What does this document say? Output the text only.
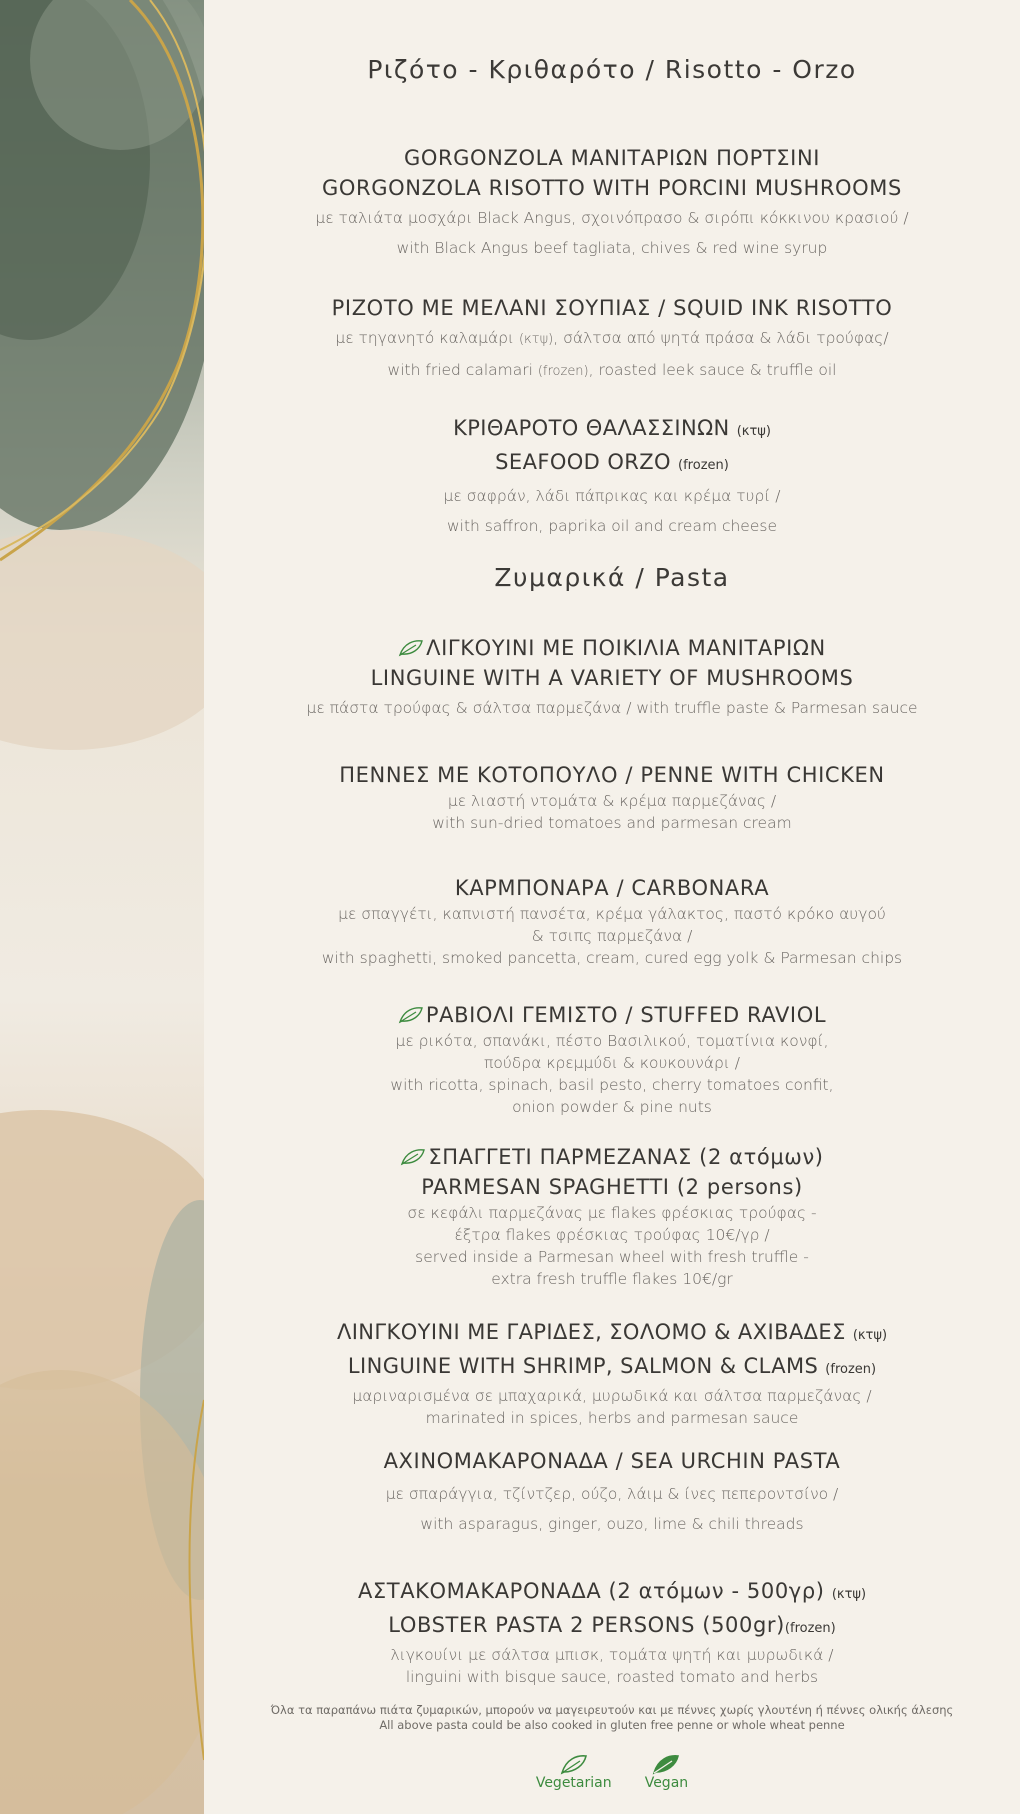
Ριζότο - Κριθαρότο / Risotto - Orzo
GORGONZOLA ΜΑΝΙΤΑΡΙΩΝ ΠΟΡΤΣΙΝΙ
GORGONZOLA RISOTTO WITH PORCINI MUSHROOMS
με ταλιάτα μοσχάρι Black Angus, σχοινόπρασο & σιρόπι κόκκινου κρασιού /
with Black Angus beef tagliata, chives & red wine syrup
ΡΙΖΟΤΟ ΜΕ ΜΕΛΑΝΙ ΣΟΥΠΙΑΣ / SQUID INK RISOTTO
με τηγανητό καλαμάρι (κτψ), σάλτσα από ψητά πράσα & λάδι τρούφας/
with fried calamari (frozen), roasted leek sauce & truffle oil
ΚΡΙΘΑΡΟΤΟ ΘΑΛΑΣΣΙΝΩΝ (κτψ)
SEAFOOD ORZO (frozen)
με σαφράν, λάδι πάπρικας και κρέμα τυρί /
with saffron, paprika oil and cream cheese
Ζυμαρικά / Pasta
ΛΙΓΚΟΥΙΝΙ ΜΕ ΠΟΙΚΙΛΙΑ ΜΑΝΙΤΑΡΙΩΝ
LINGUINE WITH A VARIETY OF MUSHROOMS
με πάστα τρούφας & σάλτσα παρμεζάνα / with truffle paste & Parmesan sauce
ΠΕΝΝΕΣ ΜΕ ΚΟΤΟΠΟΥΛΟ / PENNE WITH CHICKEN
με λιαστή ντομάτα & κρέμα παρμεζάνας /
with sun-dried tomatoes and parmesan cream
ΚΑΡΜΠΟΝΑΡΑ / CARBONARA
με σπαγγέτι, καπνιστή πανσέτα, κρέμα γάλακτος, παστό κρόκο αυγού
& τσιπς παρμεζάνα /
with spaghetti, smoked pancetta, cream, cured egg yolk & Parmesan chips
ΡΑΒΙΟΛΙ ΓΕΜΙΣΤΟ / STUFFED RAVIOL
με ρικότα, σπανάκι, πέστο Βασιλικού, τοματίνια κονφί,
πούδρα κρεμμύδι & κουκουνάρι /
with ricotta, spinach, basil pesto, cherry tomatoes confit,
onion powder & pine nuts
ΣΠΑΓΓΕΤΙ ΠΑΡΜΕΖΑΝΑΣ (2 ατόμων)
PARMESAN SPAGHETTI (2 persons)
σε κεφάλι παρμεζάνας με flakes φρέσκιας τρούφας -
έξτρα flakes φρέσκιας τρούφας 10€/γρ /
served inside a Parmesan wheel with fresh truffle -
extra fresh truffle flakes 10€/gr
ΛΙΝΓΚΟΥΙΝΙ ΜΕ ΓΑΡΙΔΕΣ, ΣΟΛΟΜΟ & ΑΧΙΒΑΔΕΣ (κτψ)
LINGUINE WITH SHRIMP, SALMON & CLAMS (frozen)
μαριναρισμένα σε μπαχαρικά, μυρωδικά και σάλτσα παρμεζάνας /
marinated in spices, herbs and parmesan sauce
ΑΧΙΝΟΜΑΚΑΡΟΝΑΔΑ / SEA URCHIN PASTA
με σπαράγγια, τζίντζερ, ούζο, λάιμ & ίνες πεπεροντσίνο /
with asparagus, ginger, ouzo, lime & chili threads
ΑΣΤΑΚΟΜΑΚΑΡΟΝΑΔΑ (2 ατόμων - 500γρ) (κτψ)
LOBSTER PASTA 2 PERSONS (500gr)(frozen)
λιγκουίνι με σάλτσα μπισκ, τομάτα ψητή και μυρωδικά /
linguini with bisque sauce, roasted tomato and herbs
Όλα τα παραπάνω πιάτα ζυμαρικών, μπορούν να μαγειρευτούν και με πέννες χωρίς γλουτένη ή πέννες ολικής άλεσης
All above pasta could be also cooked in gluten free penne or whole wheat penne
Vegetarian Vegan
